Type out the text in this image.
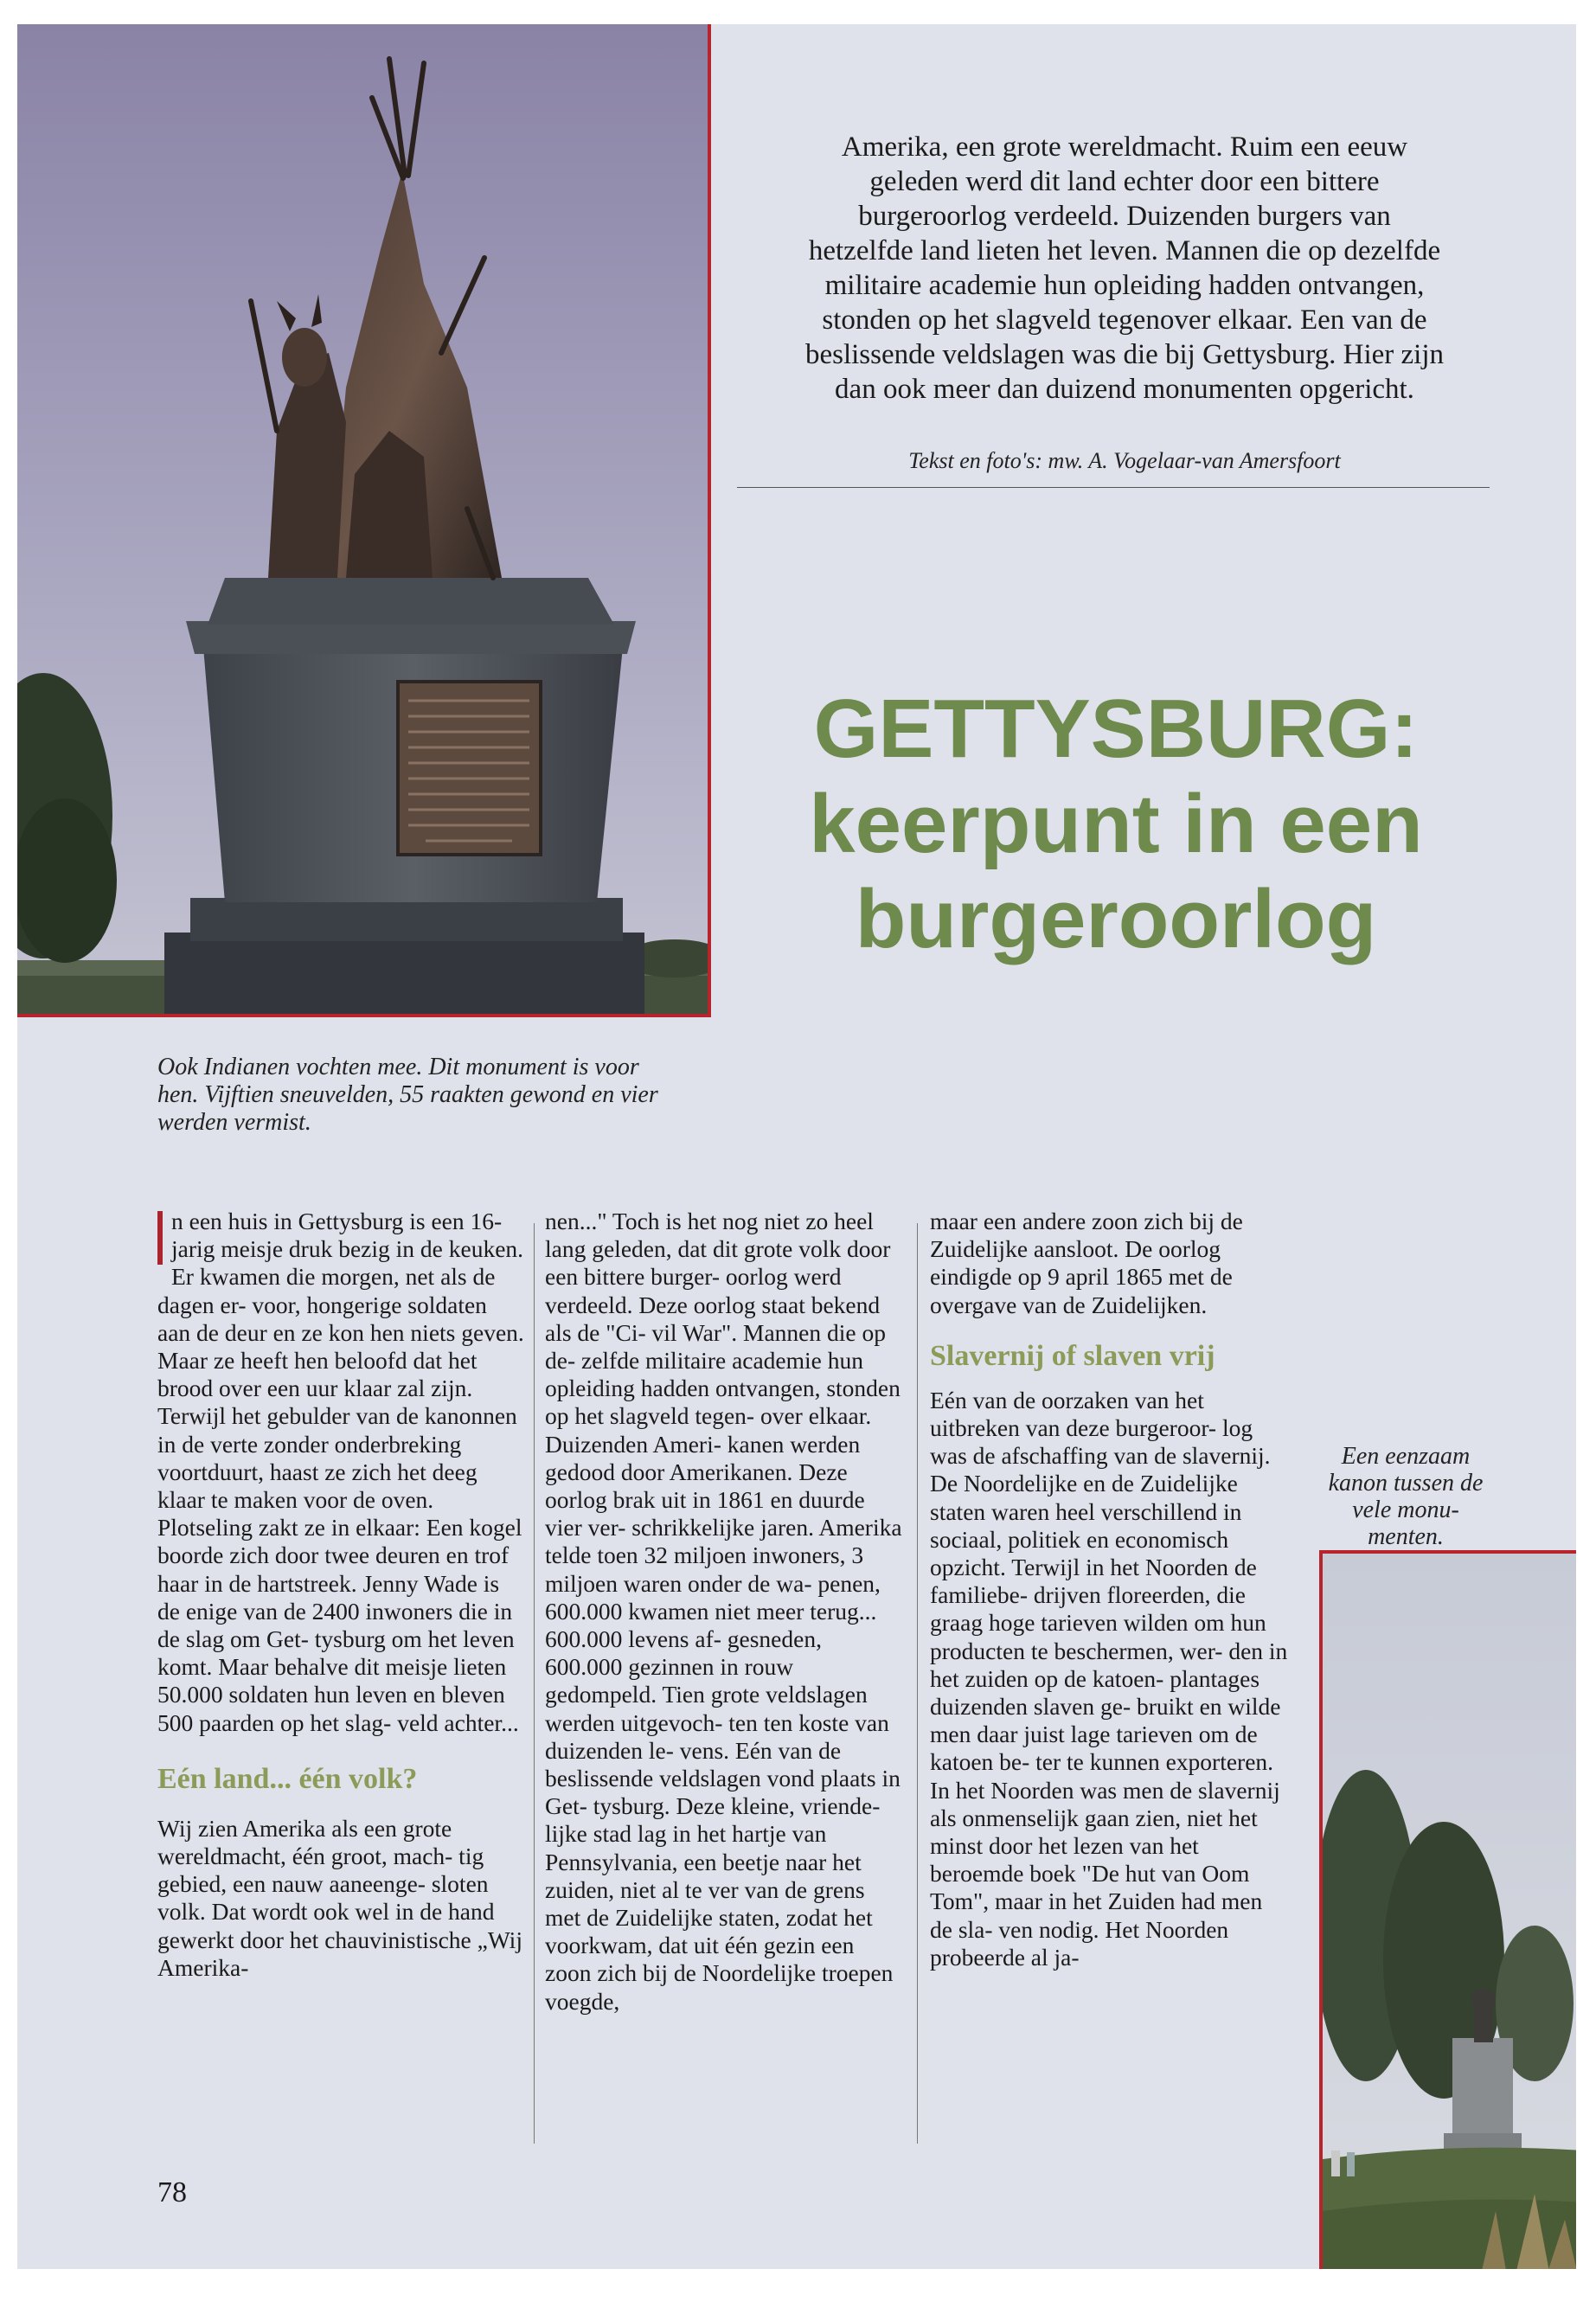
Amerika, een grote wereldmacht. Ruim een eeuw
geleden werd dit land echter door een bittere
burgeroorlog verdeeld. Duizenden burgers van
hetzelfde land lieten het leven. Mannen die op dezelfde
militaire academie hun opleiding hadden ontvangen,
stonden op het slagveld tegenover elkaar. Een van de
beslissende veldslagen was die bij Gettysburg. Hier zijn
dan ook meer dan duizend monumenten opgericht.

Tekst en foto's: mw. A. Vogelaar-van Amersfoort

GETTYSBURG:
keerpunt in een
burgeroorlog

Ook Indianen vochten mee. Dit monument is voor hen. Vijftien sneuvelden, 55 raakten gewond en vier werden vermist.

n een huis in Gettysburg is een 16-jarig meisje druk bezig in de keuken. Er kwamen die morgen, net als de dagen er- voor, hongerige soldaten aan de deur en ze kon hen niets geven. Maar ze heeft hen beloofd dat het brood over een uur klaar zal zijn. Terwijl het gebulder van de kanonnen in de verte zonder onderbreking voortduurt, haast ze zich het deeg klaar te maken voor de oven. Plotseling zakt ze in elkaar: Een kogel boorde zich door twee deuren en trof haar in de hartstreek. Jenny Wade is de enige van de 2400 inwoners die in de slag om Get- tysburg om het leven komt. Maar behalve dit meisje lieten 50.000 soldaten hun leven en bleven 500 paarden op het slag- veld achter...

Eén land... één volk?

Wij zien Amerika als een grote wereldmacht, één groot, mach- tig gebied, een nauw aaneenge- sloten volk. Dat wordt ook wel in de hand gewerkt door het chauvinistische „Wij Amerika-

nen..." Toch is het nog niet zo heel lang geleden, dat dit grote volk door een bittere burger- oorlog werd verdeeld. Deze oorlog staat bekend als de "Ci- vil War". Mannen die op de- zelfde militaire academie hun opleiding hadden ontvangen, stonden op het slagveld tegen- over elkaar. Duizenden Ameri- kanen werden gedood door Amerikanen. Deze oorlog brak uit in 1861 en duurde vier ver- schrikkelijke jaren. Amerika telde toen 32 miljoen inwoners, 3 miljoen waren onder de wa- penen, 600.000 kwamen niet meer terug... 600.000 levens af- gesneden, 600.000 gezinnen in rouw gedompeld. Tien grote veldslagen werden uitgevoch- ten ten koste van duizenden le- vens. Eén van de beslissende veldslagen vond plaats in Get- tysburg. Deze kleine, vriende- lijke stad lag in het hartje van Pennsylvania, een beetje naar het zuiden, niet al te ver van de grens met de Zuidelijke staten, zodat het voorkwam, dat uit één gezin een zoon zich bij de Noordelijke troepen voegde,

maar een andere zoon zich bij de Zuidelijke aansloot. De oorlog eindigde op 9 april 1865 met de overgave van de Zuidelijken.

Slavernij of slaven vrij

Eén van de oorzaken van het uitbreken van deze burgeroor- log was de afschaffing van de slavernij. De Noordelijke en de Zuidelijke staten waren heel verschillend in sociaal, politiek en economisch opzicht. Terwijl in het Noorden de familiebe- drijven floreerden, die graag hoge tarieven wilden om hun producten te beschermen, wer- den in het zuiden op de katoen- plantages duizenden slaven ge- bruikt en wilde men daar juist lage tarieven om de katoen be- ter te kunnen exporteren. In het Noorden was men de slavernij als onmenselijk gaan zien, niet het minst door het lezen van het beroemde boek "De hut van Oom Tom", maar in het Zuiden had men de sla- ven nodig. Het Noorden probeerde al ja-

78

Een eenzaam kanon tussen de vele monu- menten.
